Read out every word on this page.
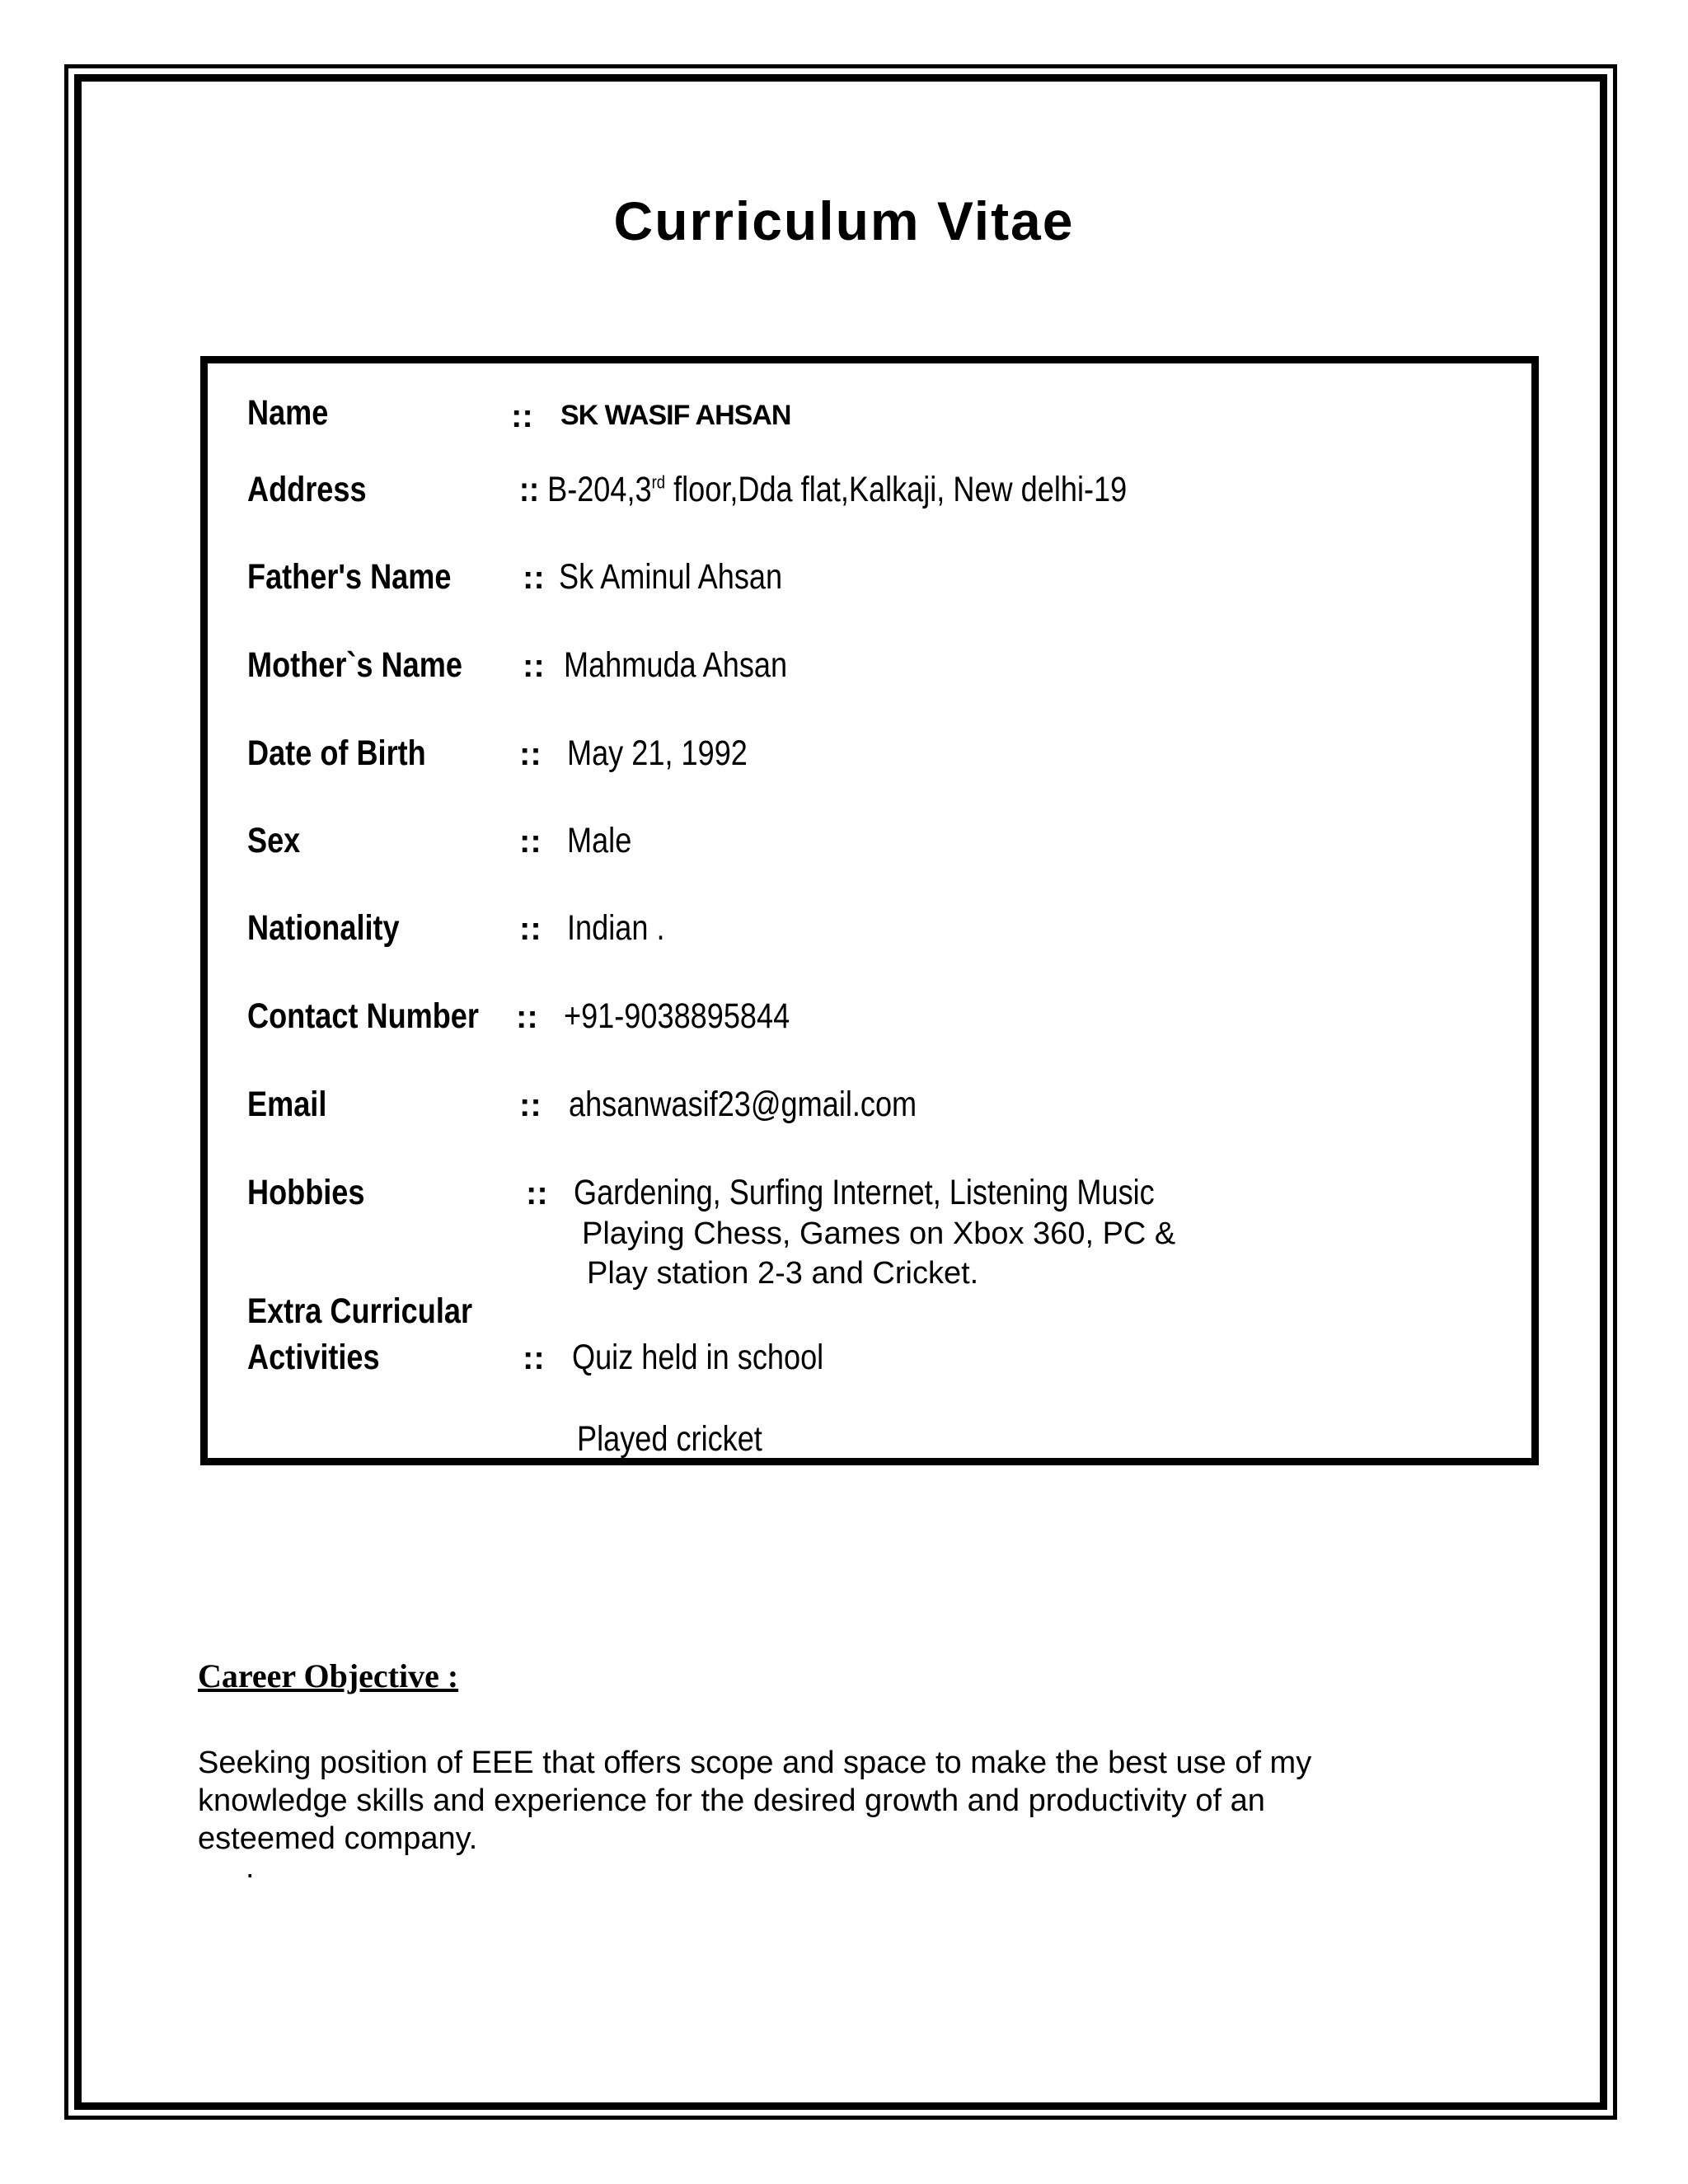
Curriculum Vitae
Name	:: SK WASIF AHSAN
Address	:: B-204,3rd floor,Dda flat,Kalkaji, New delhi-19
Father's Name :: Sk Aminul Ahsan
Mother`s Name :: Mahmuda Ahsan
Date of Birth	:: May 21, 1992
Sex	:: Male
Nationality	:: Indian .
Contact Number :: +91-9038895844
Email	:: ahsanwasif23@gmail.com
Hobbies	:: Gardening, Surfing Internet, Listening Music
Playing Chess, Games on Xbox 360, PC &
Play station 2-3 and Cricket.
Extra Curricular
Activities	:: Quiz held in school
Played cricket
Career Objective :
Seeking position of EEE that offers scope and space to make the best use of my
knowledge skills and experience for the desired growth and productivity of an
esteemed company.
.
